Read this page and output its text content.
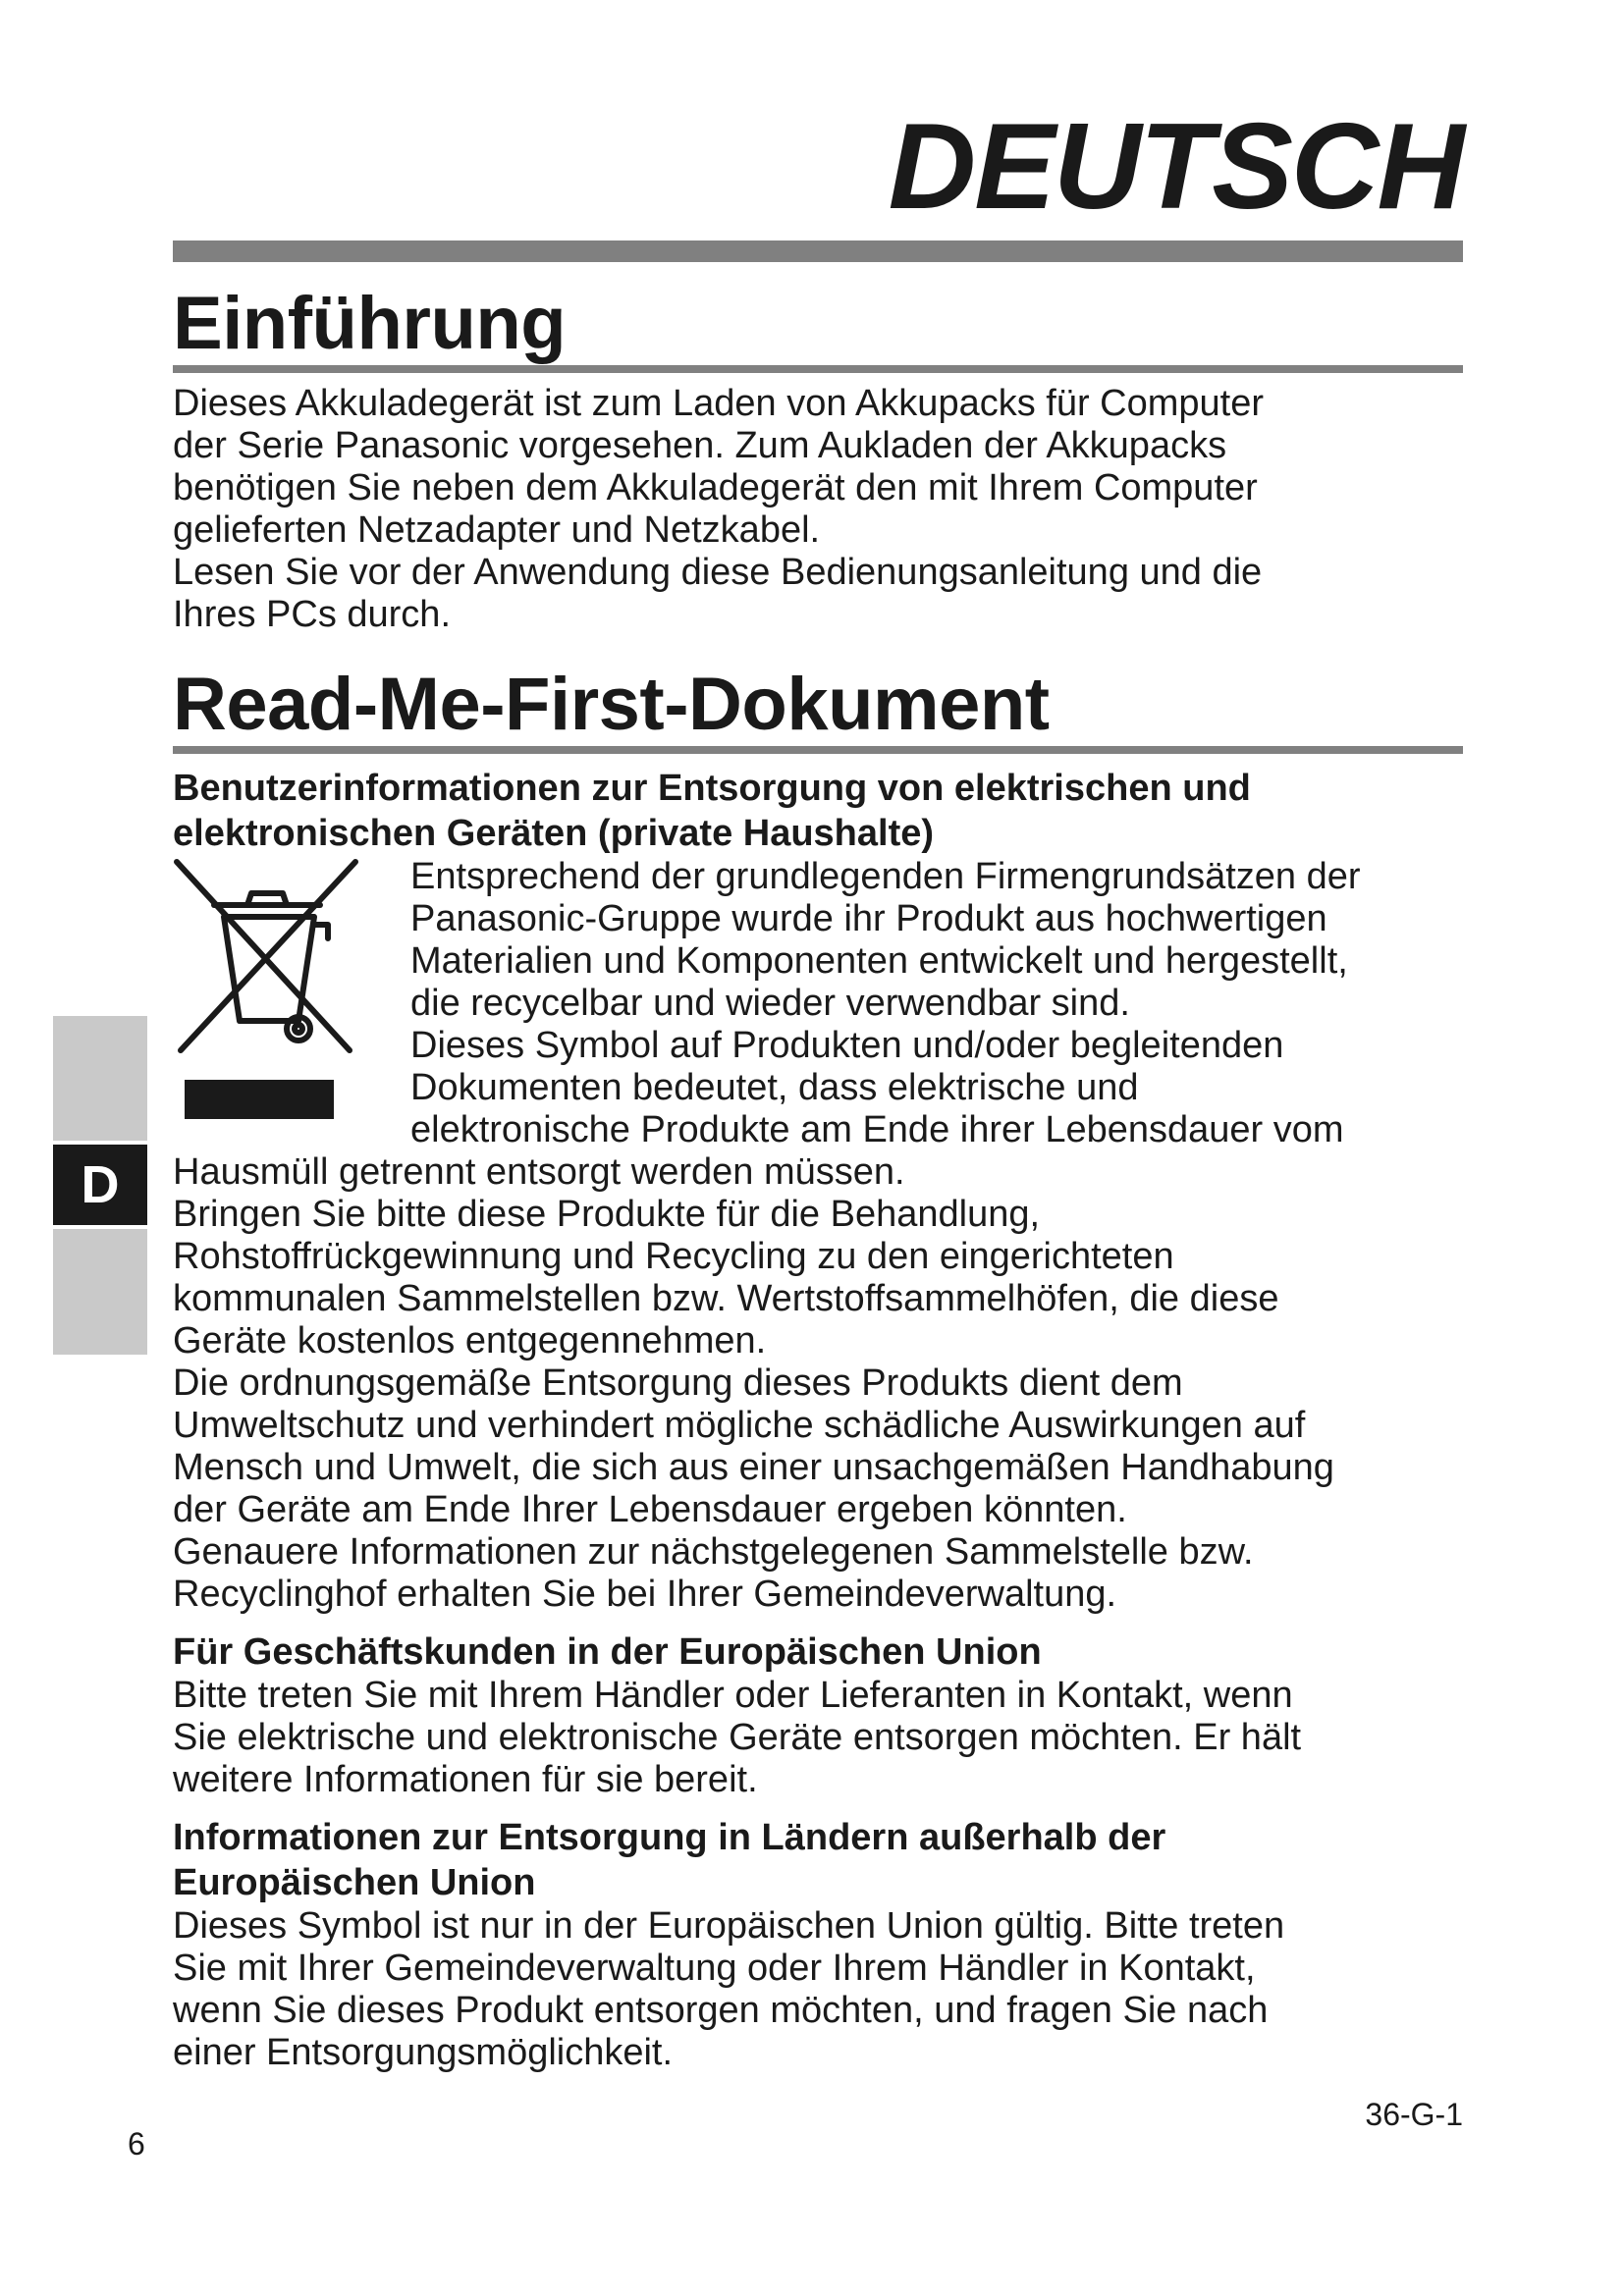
DEUTSCH
D
Einführung

Dieses Akkuladegerät ist zum Laden von Akkupacks für Computer

der Serie Panasonic vorgesehen. Zum Aukladen der Akkupacks

benötigen Sie neben dem Akkuladegerät den mit Ihrem Computer

gelieferten Netzadapter und Netzkabel.

Lesen Sie vor der Anwendung diese Bedienungsanleitung und die

Ihres PCs durch.

Read-Me-First-Dokument
Benutzerinformationen zur Entsorgung von elektrischen und
elektronischen Geräten (private Haushalte)

Entsprechend der grundlegenden Firmengrundsätzen der

Panasonic-Gruppe wurde ihr Produkt aus hochwertigen

Materialien und Komponenten entwickelt und hergestellt,

die recycelbar und wieder verwendbar sind.

Dieses Symbol auf Produkten und/oder begleitenden

Dokumenten bedeutet, dass elektrische und

elektronische Produkte am Ende ihrer Lebensdauer vom

Hausmüll getrennt entsorgt werden müssen.

Bringen Sie bitte diese Produkte für die Behandlung,

Rohstoffrückgewinnung und Recycling zu den eingerichteten

kommunalen Sammelstellen bzw. Wertstoffsammelhöfen, die diese

Geräte kostenlos entgegennehmen.

Die ordnungsgemäße Entsorgung dieses Produkts dient dem

Umweltschutz und verhindert mögliche schädliche Auswirkungen auf

Mensch und Umwelt, die sich aus einer unsachgemäßen Handhabung

der Geräte am Ende Ihrer Lebensdauer ergeben könnten.

Genauere Informationen zur nächstgelegenen Sammelstelle bzw.

Recyclinghof erhalten Sie bei Ihrer Gemeindeverwaltung.

Für Geschäftskunden in der Europäischen Union

Bitte treten Sie mit Ihrem Händler oder Lieferanten in Kontakt, wenn

Sie elektrische und elektronische Geräte entsorgen möchten. Er hält

weitere Informationen für sie bereit.

Informationen zur Entsorgung in Ländern außerhalb der
Europäischen Union

Dieses Symbol ist nur in der Europäischen Union gültig. Bitte treten

Sie mit Ihrer Gemeindeverwaltung oder Ihrem Händler in Kontakt,

wenn Sie dieses Produkt entsorgen möchten, und fragen Sie nach

einer Entsorgungsmöglichkeit.

36-G-1
6
